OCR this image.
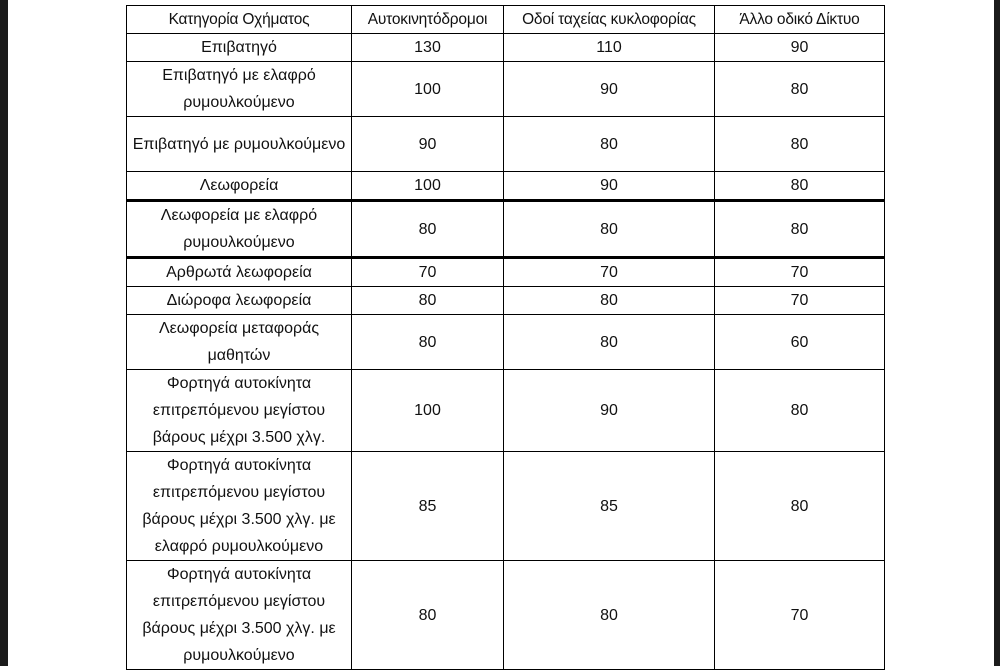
Κατηγορία Οχήματος	Αυτοκινητόδρομοι	Οδοί ταχείας κυκλοφορίας	Άλλο οδικό Δίκτυο
Επιβατηγό	130	110	90
Επιβατηγό με ελαφρό ρυμουλκούμενο	100	90	80
Επιβατηγό με ρυμουλκούμενο	90	80	80
Λεωφορεία	100	90	80
Λεωφορεία με ελαφρό ρυμουλκούμενο	80	80	80
Αρθρωτά λεωφορεία	70	70	70
Διώροφα λεωφορεία	80	80	70
Λεωφορεία μεταφοράς μαθητών	80	80	60
Φορτηγά αυτοκίνητα επιτρεπόμενου μεγίστου βάρους μέχρι 3.500 χλγ.	100	90	80
Φορτηγά αυτοκίνητα επιτρεπόμενου μεγίστου βάρους μέχρι 3.500 χλγ. με ελαφρό ρυμουλκούμενο	85	85	80
Φορτηγά αυτοκίνητα επιτρεπόμενου μεγίστου βάρους μέχρι 3.500 χλγ. με ρυμουλκούμενο	80	80	70
